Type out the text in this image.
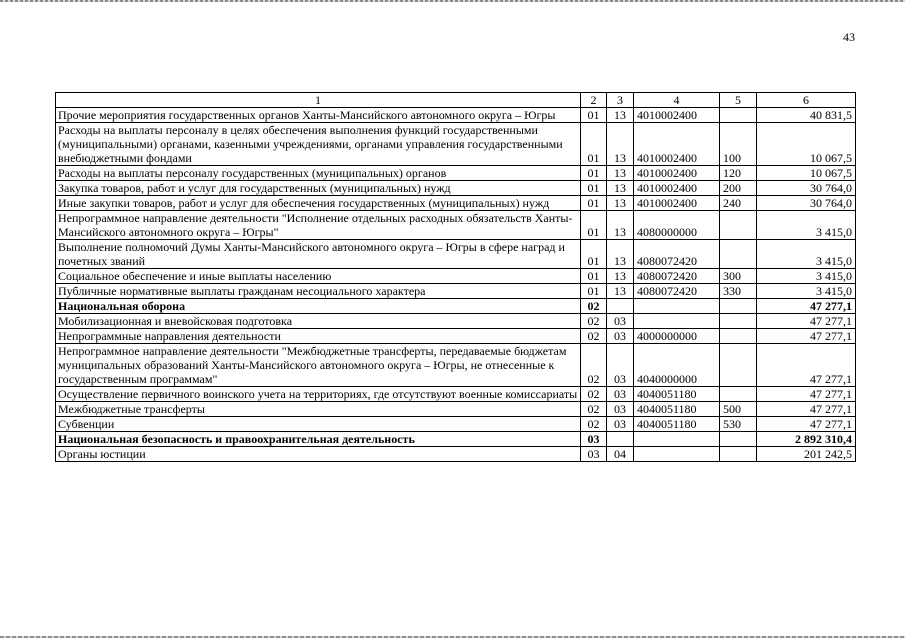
43
1	2	3	4	5	6
Прочие мероприятия государственных органов Ханты-Мансийского автономного округа – Югры	01	13	4010002400		40 831,5
Расходы на выплаты персоналу в целях обеспечения выполнения функций государственными (муниципальными) органами, казенными учреждениями, органами управления государственными внебюджетными фондами	01	13	4010002400	100	10 067,5
Расходы на выплаты персоналу государственных (муниципальных) органов	01	13	4010002400	120	10 067,5
Закупка товаров, работ и услуг для государственных (муниципальных) нужд	01	13	4010002400	200	30 764,0
Иные закупки товаров, работ и услуг для обеспечения государственных (муниципальных) нужд	01	13	4010002400	240	30 764,0
Непрограммное направление деятельности "Исполнение отдельных расходных обязательств Ханты-Мансийского автономного округа – Югры"	01	13	4080000000		3 415,0
Выполнение полномочий Думы Ханты-Мансийского автономного округа – Югры в сфере наград и почетных званий	01	13	4080072420		3 415,0
Социальное обеспечение и иные выплаты населению	01	13	4080072420	300	3 415,0
Публичные нормативные выплаты гражданам несоциального характера	01	13	4080072420	330	3 415,0
Национальная оборона	02				47 277,1
Мобилизационная и вневойсковая подготовка	02	03			47 277,1
Непрограммные направления деятельности	02	03	4000000000		47 277,1
Непрограммное направление деятельности "Межбюджетные трансферты, передаваемые бюджетам муниципальных образований Ханты-Мансийского автономного округа – Югры, не отнесенные к государственным программам"	02	03	4040000000		47 277,1
Осуществление первичного воинского учета на территориях, где отсутствуют военные комиссариаты	02	03	4040051180		47 277,1
Межбюджетные трансферты	02	03	4040051180	500	47 277,1
Субвенции	02	03	4040051180	530	47 277,1
Национальная безопасность и правоохранительная деятельность	03				2 892 310,4
Органы юстиции	03	04			201 242,5
